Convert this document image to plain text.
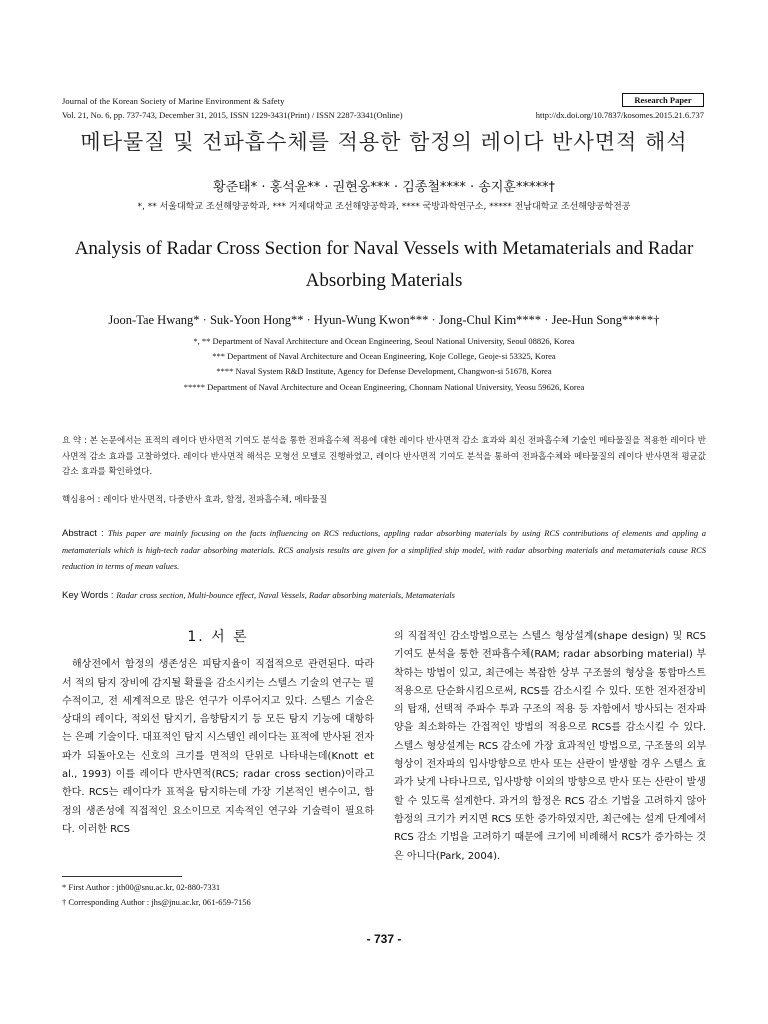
Journal of the Korean Society of Marine Environment & Safety	Research Paper
Vol. 21, No. 6, pp. 737-743, December 31, 2015, ISSN 1229-3431(Print) / ISSN 2287-3341(Online)	http://dx.doi.org/10.7837/kosomes.2015.21.6.737
메타물질 및 전파흡수체를 적용한 함정의 레이다 반사면적 해석
황준태* · 홍석윤** · 권현웅*** · 김종철**** · 송지훈*****†
*, ** 서울대학교 조선해양공학과, *** 거제대학교 조선해양공학과, **** 국방과학연구소, ***** 전남대학교 조선해양공학전공
Analysis of Radar Cross Section for Naval Vessels with Metamaterials and Radar Absorbing Materials
Joon-Tae Hwang* · Suk-Yoon Hong** · Hyun-Wung Kwon*** · Jong-Chul Kim**** · Jee-Hun Song*****†
*, ** Department of Naval Architecture and Ocean Engineering, Seoul National University, Seoul 08826, Korea
*** Department of Naval Architecture and Ocean Engineering, Koje College, Geoje-si 53325, Korea
**** Naval System R&D Institute, Agency for Defense Development, Changwon-si 51678, Korea
***** Department of Naval Architecture and Ocean Engineering, Chonnam National University, Yeosu 59626, Korea
요 약 : 본 논문에서는 표적의 레이다 반사면적 기여도 분석을 통한 전파흡수체 적용에 대한 레이다 반사면적 감소 효과와 최신 전파흡수체 기술인 메타물질을 적용한 레이다 반사면적 감소 효과를 고찰하였다. 레이다 반사면적 해석은 모형선 모델로 진행하였고, 레이다 반사면적 기여도 분석을 통하여 전파흡수체와 메타물질의 레이다 반사면적 평균값 감소 효과를 확인하였다.
핵심용어 : 레이다 반사면적, 다중반사 효과, 함정, 전파흡수체, 메타물질
Abstract : This paper are mainly focusing on the facts influencing on RCS reductions, appling radar absorbing materials by using RCS contributions of elements and appling a metamaterials which is high-tech radar absorbing materials. RCS analysis results are given for a simplified ship model, with radar absorbing materials and metamaterials cause RCS reduction in terms of mean values.
Key Words : Radar cross section, Multi-bounce effect, Naval Vessels, Radar absorbing materials, Metamaterials
1. 서 론
해상전에서 함정의 생존성은 피탐지율이 직접적으로 관련된다. 따라서 적의 탐지 장비에 감지될 확률을 감소시키는 스텔스 기술의 연구는 필수적이고, 전 세계적으로 많은 연구가 이루어지고 있다. 스텔스 기술은 상대의 레이다, 적외선 탐지기, 음향탐지기 등 모든 탐지 기능에 대항하는 은폐 기술이다. 대표적인 탐지 시스템인 레이다는 표적에 반사된 전자파가 되돌아오는 신호의 크기를 면적의 단위로 나타내는데(Knott et al., 1993) 이를 레이다 반사면적(RCS; radar cross section)이라고 한다. RCS는 레이다가 표적을 탐지하는데 가장 기본적인 변수이고, 함정의 생존성에 직접적인 요소이므로 지속적인 연구와 기술력이 필요하다. 이러한 RCS
의 직접적인 감소방법으로는 스텔스 형상설계(shape design) 및 RCS 기여도 분석을 통한 전파흡수체(RAM; radar absorbing material) 부착하는 방법이 있고, 최근에는 복잡한 상부 구조물의 형상을 통합마스트 적용으로 단순화시킴으로써, RCS를 감소시킬 수 있다. 또한 전자전장비의 탑재, 선택적 주파수 투과 구조의 적용 등 자함에서 방사되는 전자파 양을 최소화하는 간접적인 방법의 적용으로 RCS를 감소시킬 수 있다. 스텔스 형상설계는 RCS 감소에 가장 효과적인 방법으로, 구조물의 외부형상이 전자파의 입사방향으로 반사 또는 산란이 발생할 경우 스텔스 효과가 낮게 나타나므로, 입사방향 이외의 방향으로 반사 또는 산란이 발생할 수 있도록 설계한다. 과거의 함정은 RCS 감소 기법을 고려하지 않아 함정의 크기가 커지면 RCS 또한 증가하였지만, 최근에는 설계 단계에서 RCS 감소 기법을 고려하기 때문에 크기에 비례해서 RCS가 증가하는 것은 아니다(Park, 2004).
* First Author : jth00@snu.ac.kr, 02-880-7331
† Corresponding Author : jhs@jnu.ac.kr, 061-659-7156
- 737 -
